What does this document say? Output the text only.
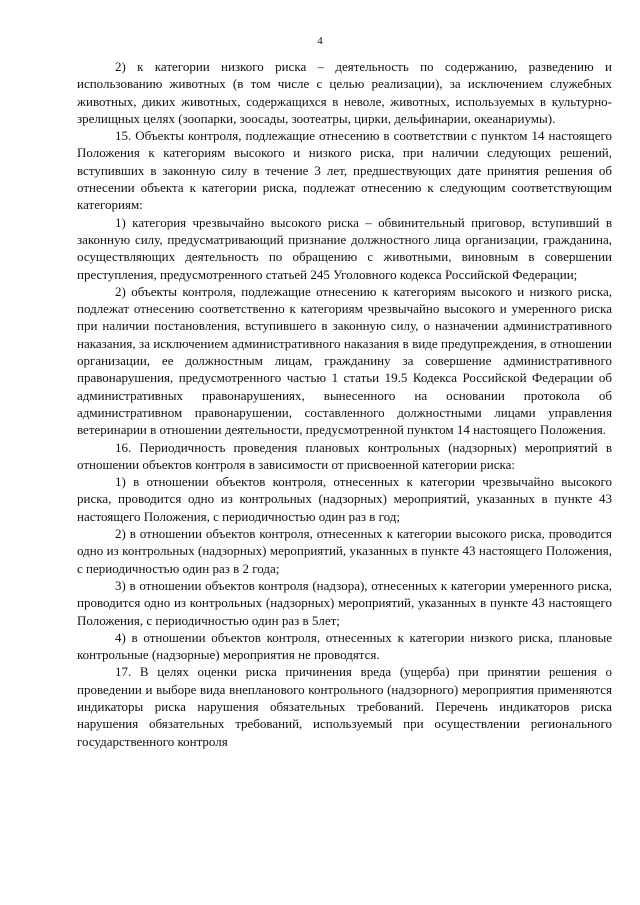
4

2) к категории низкого риска – деятельность по содержанию, разведению и использованию животных (в том числе с целью реализации), за исключением служебных животных, диких животных, содержащихся в неволе, животных, используемых в культурно-зрелищных целях (зоопарки, зоосады, зоотеатры, цирки, дельфинарии, океанариумы).

15. Объекты контроля, подлежащие отнесению в соответствии с пунктом 14 настоящего Положения к категориям высокого и низкого риска, при наличии следующих решений, вступивших в законную силу в течение 3 лет, предшествующих дате принятия решения об отнесении объекта к категории риска, подлежат отнесению к следующим соответствующим категориям:

1) категория чрезвычайно высокого риска – обвинительный приговор, вступивший в законную силу, предусматривающий признание должностного лица организации, гражданина, осуществляющих деятельность по обращению с животными, виновным в совершении преступления, предусмотренного статьей 245 Уголовного кодекса Российской Федерации;

2) объекты контроля, подлежащие отнесению к категориям высокого и низкого риска, подлежат отнесению соответственно к категориям чрезвычайно высокого и умеренного риска при наличии постановления, вступившего в законную силу, о назначении административного наказания, за исключением административного наказания в виде предупреждения, в отношении организации, ее должностным лицам, гражданину за совершение административного правонарушения, предусмотренного частью 1 статьи 19.5 Кодекса Российской Федерации об административных правонарушениях, вынесенного на основании протокола об административном правонарушении, составленного должностными лицами управления ветеринарии в отношении деятельности, предусмотренной пунктом 14 настоящего Положения.

16. Периодичность проведения плановых контрольных (надзорных) мероприятий в отношении объектов контроля в зависимости от присвоенной категории риска:

1) в отношении объектов контроля, отнесенных к категории чрезвычайно высокого риска, проводится одно из контрольных (надзорных) мероприятий, указанных в пункте 43 настоящего Положения, с периодичностью один раз в год;

2) в отношении объектов контроля, отнесенных к категории высокого риска, проводится одно из контрольных (надзорных) мероприятий, указанных в пункте 43 настоящего Положения, с периодичностью один раз в 2 года;

3) в отношении объектов контроля (надзора), отнесенных к категории умеренного риска, проводится одно из контрольных (надзорных) мероприятий, указанных в пункте 43 настоящего Положения, с периодичностью один раз в 5лет;

4) в отношении объектов контроля, отнесенных к категории низкого риска, плановые контрольные (надзорные) мероприятия не проводятся.

17. В целях оценки риска причинения вреда (ущерба) при принятии решения о проведении и выборе вида внепланового контрольного (надзорного) мероприятия применяются индикаторы риска нарушения обязательных требований. Перечень индикаторов риска нарушения обязательных требований, используемый при осуществлении регионального государственного контроля
